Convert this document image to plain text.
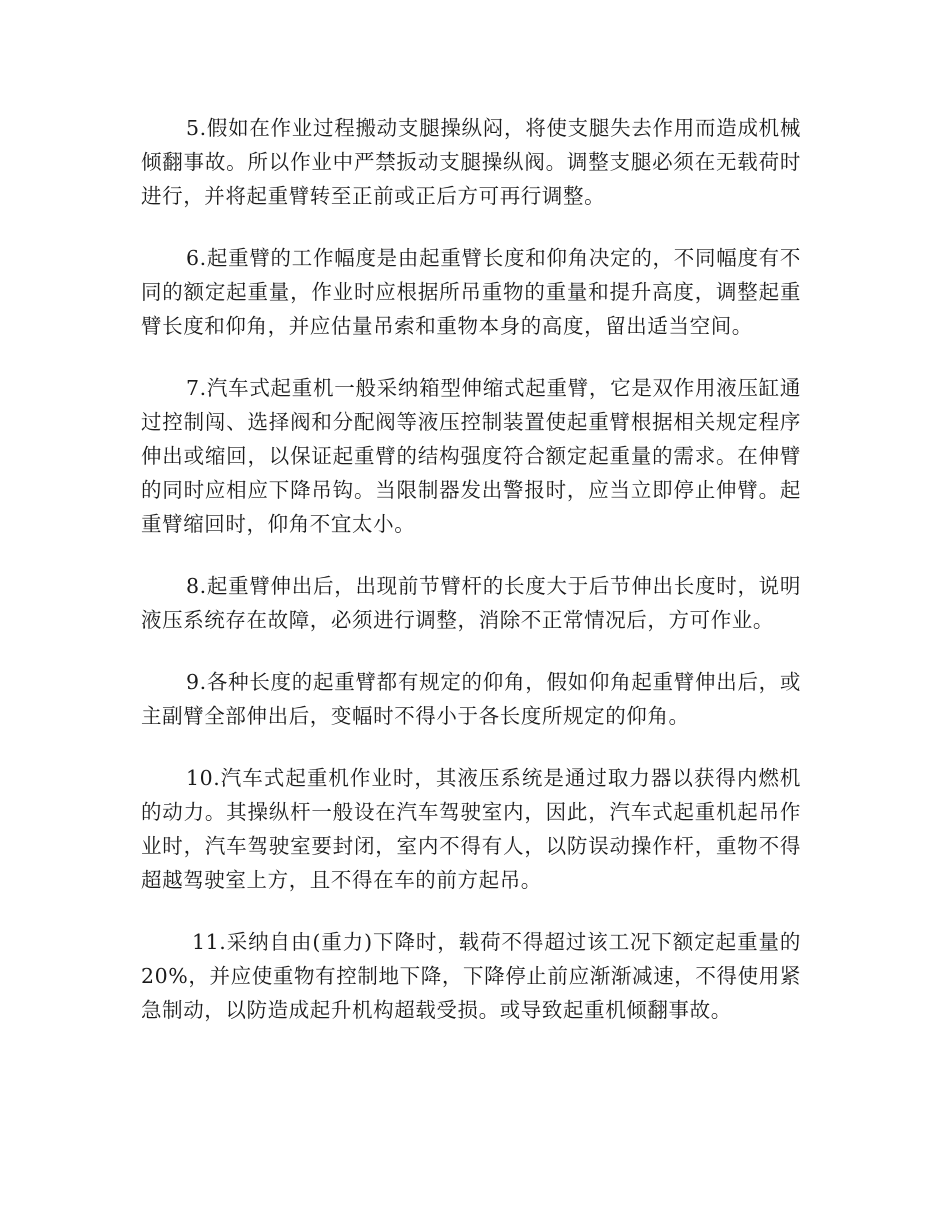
5.假如在作业过程搬动支腿操纵闷，将使支腿失去作用而造成机械倾翻事故。所以作业中严禁扳动支腿操纵阀。调整支腿必须在无载荷时进行，并将起重臂转至正前或正后方可再行调整。

6.起重臂的工作幅度是由起重臂长度和仰角决定的，不同幅度有不同的额定起重量，作业时应根据所吊重物的重量和提升高度，调整起重臂长度和仰角，并应估量吊索和重物本身的高度，留出适当空间。

7.汽车式起重机一般采纳箱型伸缩式起重臂，它是双作用液压缸通过控制闯、选择阀和分配阀等液压控制装置使起重臂根据相关规定程序伸出或缩回，以保证起重臂的结构强度符合额定起重量的需求。在伸臂的同时应相应下降吊钩。当限制器发出警报时，应当立即停止伸臂。起重臂缩回时，仰角不宜太小。

8.起重臂伸出后，出现前节臂杆的长度大于后节伸出长度时，说明液压系统存在故障，必须进行调整，消除不正常情况后，方可作业。

9.各种长度的起重臂都有规定的仰角，假如仰角起重臂伸出后，或主副臂全部伸出后，变幅时不得小于各长度所规定的仰角。

10.汽车式起重机作业时，其液压系统是通过取力器以获得内燃机的动力。其操纵杆一般设在汽车驾驶室内，因此，汽车式起重机起吊作业时，汽车驾驶室要封闭，室内不得有人，以防误动操作杆，重物不得超越驾驶室上方，且不得在车的前方起吊。

11.采纳自由(重力)下降时，载荷不得超过该工况下额定起重量的20%，并应使重物有控制地下降，下降停止前应渐渐减速，不得使用紧急制动，以防造成起升机构超载受损。或导致起重机倾翻事故。
